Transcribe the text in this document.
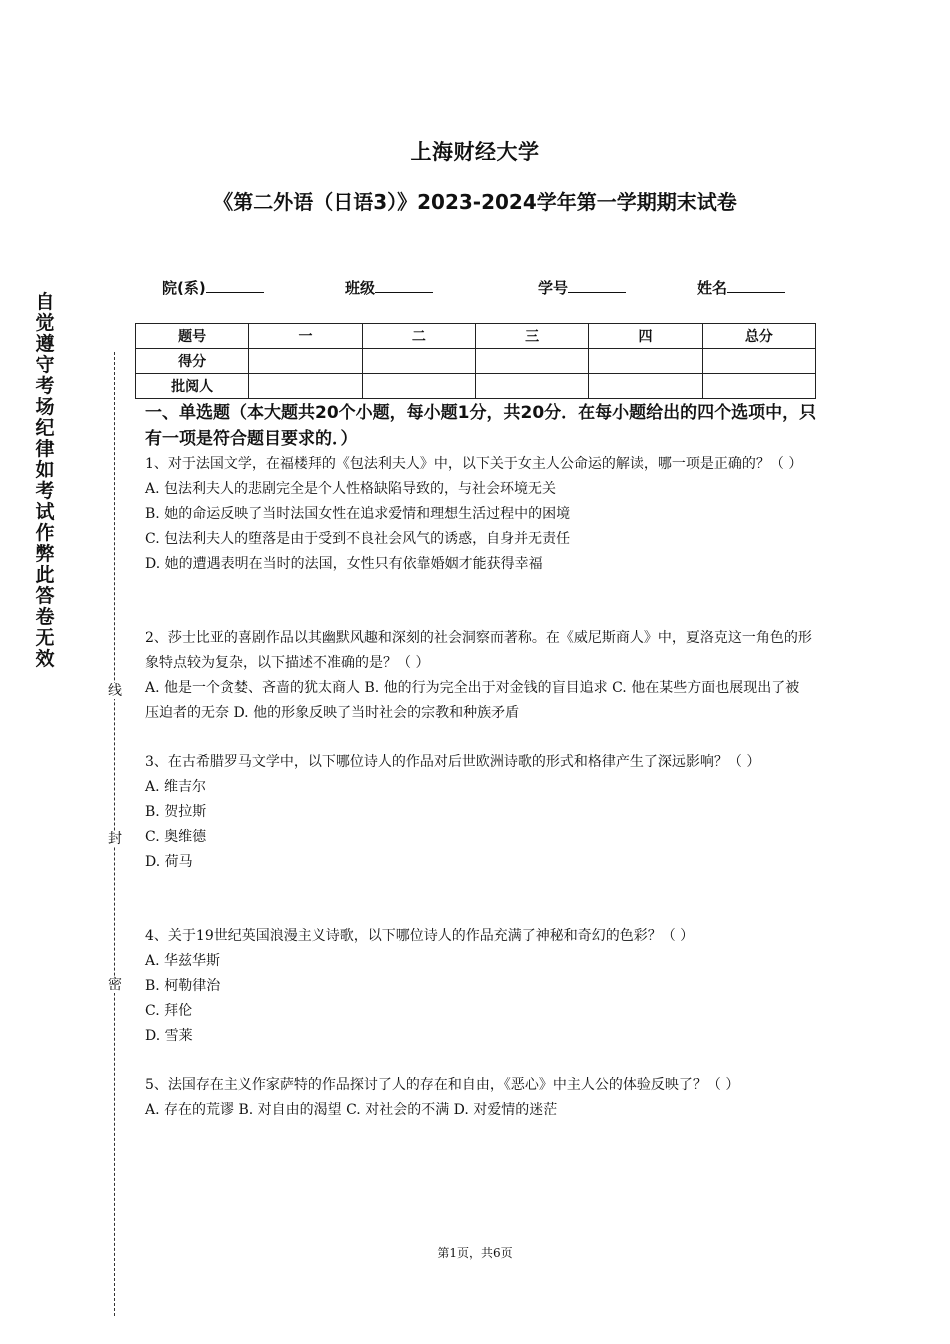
上海财经大学
《第二外语（日语3）》2023-2024学年第一学期期末试卷
院(系)	班级	学号	姓名
题号	一	二	三	四	总分
得分					
批阅人					
自觉遵守考场纪律如考试作弊此答卷无效
线
封
密
一、单选题（本大题共20个小题，每小题1分，共20分．在每小题给出的四个选项中，只有一项是符合题目要求的．）

1、对于法国文学，在福楼拜的《包法利夫人》中，以下关于女主人公命运的解读，哪一项是正确的？（ ）

A. 包法利夫人的悲剧完全是个人性格缺陷导致的，与社会环境无关

B. 她的命运反映了当时法国女性在追求爱情和理想生活过程中的困境

C. 包法利夫人的堕落是由于受到不良社会风气的诱惑，自身并无责任

D. 她的遭遇表明在当时的法国，女性只有依靠婚姻才能获得幸福

2、莎士比亚的喜剧作品以其幽默风趣和深刻的社会洞察而著称。在《威尼斯商人》中，夏洛克这一角色的形象特点较为复杂，以下描述不准确的是？（ ）

A. 他是一个贪婪、吝啬的犹太商人 B. 他的行为完全出于对金钱的盲目追求 C. 他在某些方面也展现出了被压迫者的无奈 D. 他的形象反映了当时社会的宗教和种族矛盾

3、在古希腊罗马文学中，以下哪位诗人的作品对后世欧洲诗歌的形式和格律产生了深远影响？（ ）

A. 维吉尔

B. 贺拉斯

C. 奥维德

D. 荷马

4、关于19世纪英国浪漫主义诗歌，以下哪位诗人的作品充满了神秘和奇幻的色彩？（ ）

A. 华兹华斯

B. 柯勒律治

C. 拜伦

D. 雪莱

5、法国存在主义作家萨特的作品探讨了人的存在和自由，《恶心》中主人公的体验反映了？（ ）

A. 存在的荒谬 B. 对自由的渴望 C. 对社会的不满 D. 对爱情的迷茫

第1页，共6页
